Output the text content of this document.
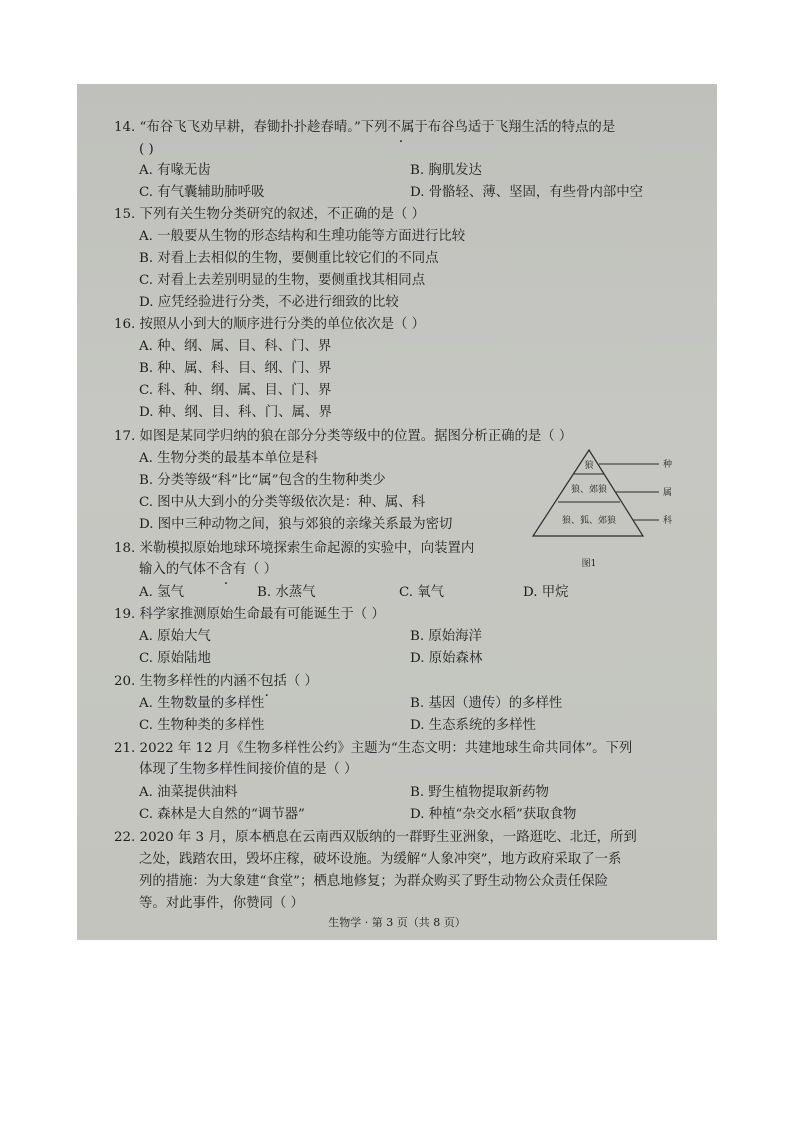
14. “布谷飞飞劝早耕，春锄扑扑趁春晴。”下列不属于布谷鸟适于飞翔生活的特点的是
( )
A. 有喙无齿	B. 胸肌发达
C. 有气囊辅助肺呼吸	D. 骨骼轻、薄、坚固，有些骨内部中空
15. 下列有关生物分类研究的叙述，不正确的是（ ）
A. 一般要从生物的形态结构和生理功能等方面进行比较
B. 对看上去相似的生物，要侧重比较它们的不同点
C. 对看上去差别明显的生物，要侧重找其相同点
D. 应凭经验进行分类，不必进行细致的比较
16. 按照从小到大的顺序进行分类的单位依次是（ ）
A. 种、纲、属、目、科、门、界
B. 种、属、科、目、纲、门、界
C. 科、种、纲、属、目、门、界
D. 种、纲、目、科、门、属、界
17. 如图是某同学归纳的狼在部分分类等级中的位置。据图分析正确的是（ ）
A. 生物分类的最基本单位是科
B. 分类等级“科”比“属”包含的生物种类少
C. 图中从大到小的分类等级依次是：种、属、科
D. 图中三种动物之间，狼与郊狼的亲缘关系最为密切
狼
狼、郊狼
狼、狐、郊狼
种
属
科
图1
18. 米勒模拟原始地球环境探索生命起源的实验中，向装置内
输入的气体不含有（ ）
A. 氢气	B. 水蒸气	C. 氧气	D. 甲烷
19. 科学家推测原始生命最有可能诞生于（ ）
A. 原始大气	B. 原始海洋
C. 原始陆地	D. 原始森林
20. 生物多样性的内涵不包括（ ）
A. 生物数量的多样性	B. 基因（遗传）的多样性
C. 生物种类的多样性	D. 生态系统的多样性
21. 2022 年 12 月《生物多样性公约》主题为“生态文明：共建地球生命共同体”。下列
体现了生物多样性间接价值的是（ ）
A. 油菜提供油料	B. 野生植物提取新药物
C. 森林是大自然的“调节器”	D. 种植“杂交水稻”获取食物
22. 2020 年 3 月，原本栖息在云南西双版纳的一群野生亚洲象，一路逛吃、北迁，所到
之处，践踏农田，毁坏庄稼，破坏设施。为缓解“人象冲突”，地方政府采取了一系
列的措施：为大象建“食堂”；栖息地修复；为群众购买了野生动物公众责任保险
等。对此事件，你赞同（ ）
生物学 · 第 3 页（共 8 页）
